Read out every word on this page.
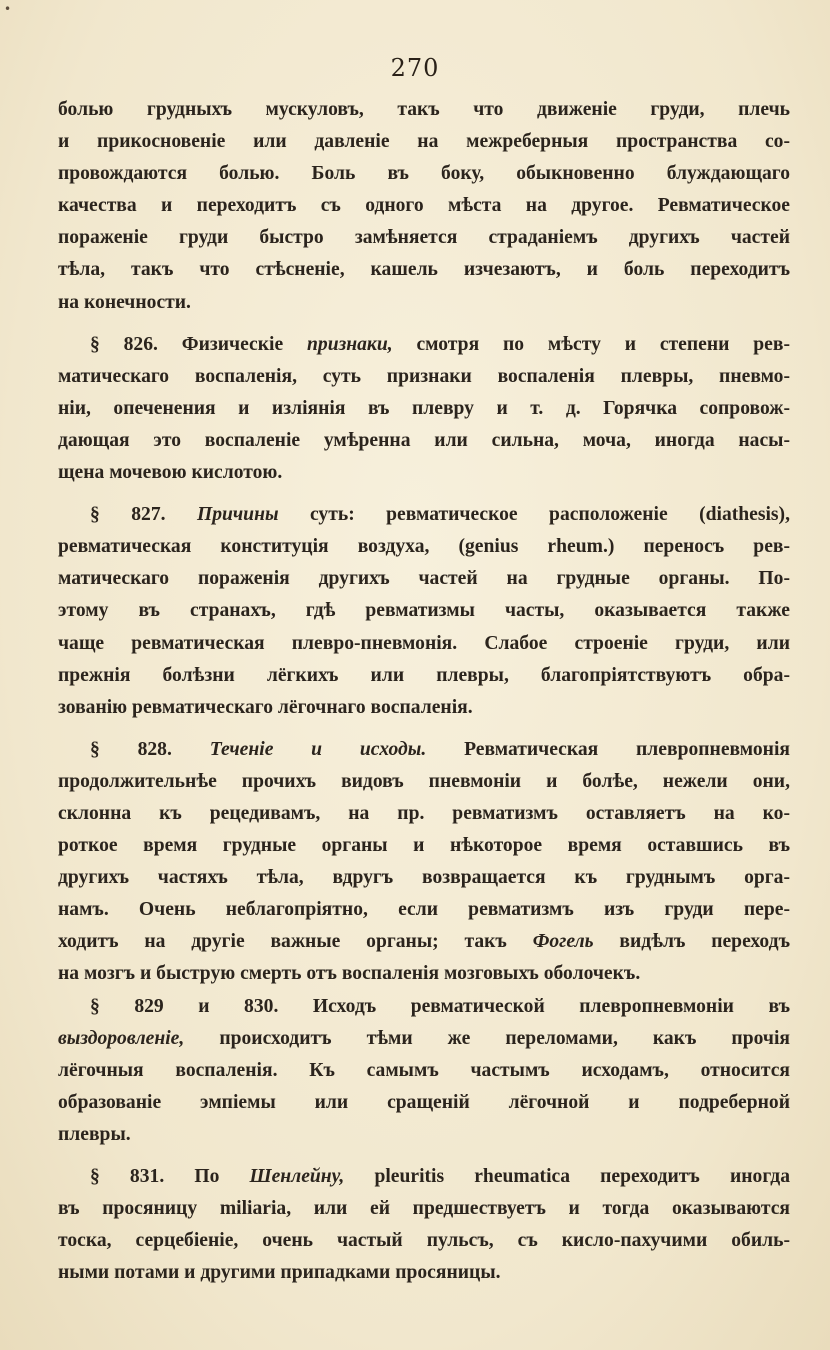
•
270
болью грудныхъ мускуловъ, такъ что движенiе груди, плечь
и прикосновенiе или давленiе на межреберныя пространства со-
провождаются болью. Боль въ боку, обыкновенно блуждающаго
качества и переходитъ съ одного мѣста на другое. Ревматическое
пораженiе груди быстро замѣняется страданiемъ другихъ частей
тѣла, такъ что стѣсненiе, кашель изчезаютъ, и боль переходитъ
на конечности.
§ 826. Физическiе признаки, смотря по мѣсту и степени рев-
матическаго воспаленiя, суть признаки воспаленiя плевры, пневмо-
нiи, опеченения и изліянія въ плевру и т. д. Горячка сопровож-
дающая это воспаленiе умѣренна или сильна, моча, иногда насы-
щена мочевою кислотою.
§ 827. Причины суть: ревматическое расположенiе (diathesis),
ревматическая конституцiя воздуха, (genius rheum.) переносъ рев-
матическаго пораженiя другихъ частей на грудные органы. По-
этому въ странахъ, гдѣ ревматизмы часты, оказывается также
чаще ревматическая плевро-пневмонiя. Слабое строенiе груди, или
прежнiя болѣзни лёгкихъ или плевры, благопрiятствуютъ обра-
зованiю ревматическаго лёгочнаго воспаленiя.
§ 828. Теченiе и исходы. Ревматическая плевропневмонiя
продолжительнѣе прочихъ видовъ пневмонiи и болѣе, нежели они,
склонна къ рецедивамъ, на пр. ревматизмъ оставляетъ на ко-
роткое время грудные органы и нѣкоторое время оставшись въ
другихъ частяхъ тѣла, вдругъ возвращается къ груднымъ орга-
намъ. Очень неблагопрiятно, если ревматизмъ изъ груди пере-
ходитъ на другiе важные органы; такъ Фогель видѣлъ переходъ
на мозгъ и быструю смерть отъ воспаленiя мозговыхъ оболочекъ.
§ 829 и 830. Исходъ ревматической плевропневмонiи въ
выздоровленiе, происходитъ тѣми же переломами, какъ прочiя
лёгочныя воспаленiя. Къ самымъ частымъ исходамъ, относится
образованiе эмпiемы или сращенiй лёгочной и подреберной
плевры.
§ 831. По Шенлейну, pleuritis rheumatica переходитъ иногда
въ просяницу miliaria, или ей предшествуетъ и тогда оказываются
тоска, серцебiенiе, очень частый пульсъ, съ кисло-пахучими обиль-
ными потами и другими припадками просяницы.
